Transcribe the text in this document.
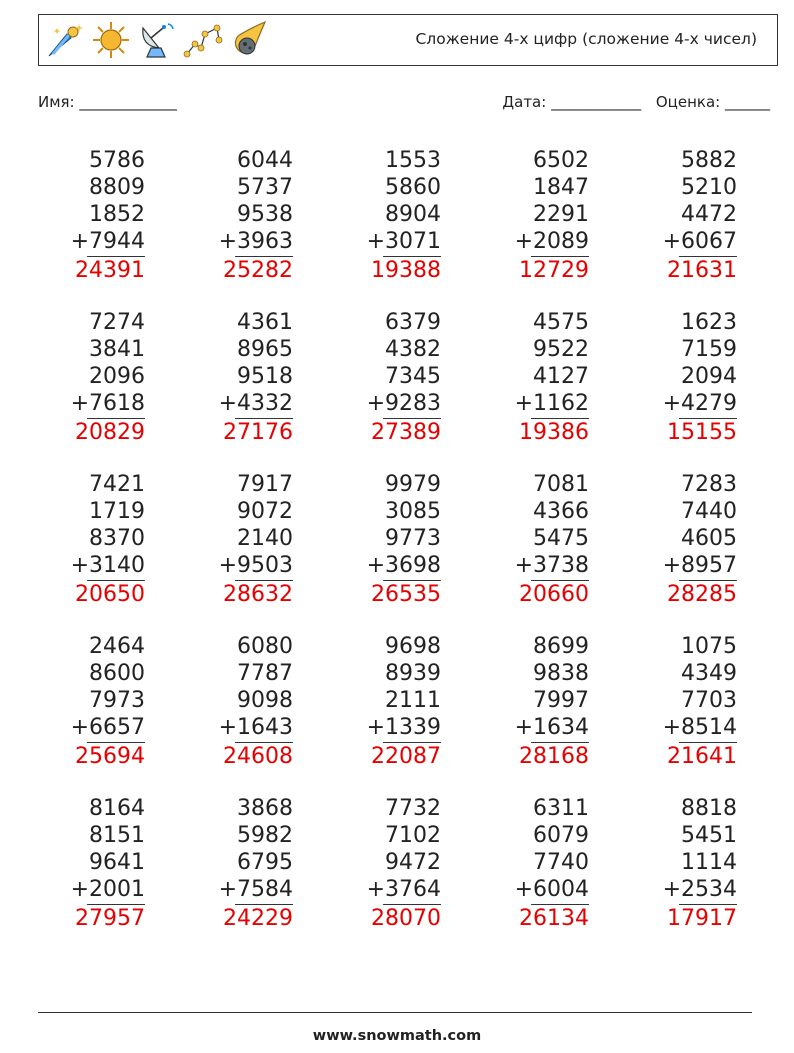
Сложение 4-х цифр (сложение 4-х чисел)
Имя: _____________	Дата: ____________ Оценка: ______
5786
8809
1852
+7944
24391
6044
5737
9538
+3963
25282
1553
5860
8904
+3071
19388
6502
1847
2291
+2089
12729
5882
5210
4472
+6067
21631
7274
3841
2096
+7618
20829
4361
8965
9518
+4332
27176
6379
4382
7345
+9283
27389
4575
9522
4127
+1162
19386
1623
7159
2094
+4279
15155
7421
1719
8370
+3140
20650
7917
9072
2140
+9503
28632
9979
3085
9773
+3698
26535
7081
4366
5475
+3738
20660
7283
7440
4605
+8957
28285
2464
8600
7973
+6657
25694
6080
7787
9098
+1643
24608
9698
8939
2111
+1339
22087
8699
9838
7997
+1634
28168
1075
4349
7703
+8514
21641
8164
8151
9641
+2001
27957
3868
5982
6795
+7584
24229
7732
7102
9472
+3764
28070
6311
6079
7740
+6004
26134
8818
5451
1114
+2534
17917
www.snowmath.com
